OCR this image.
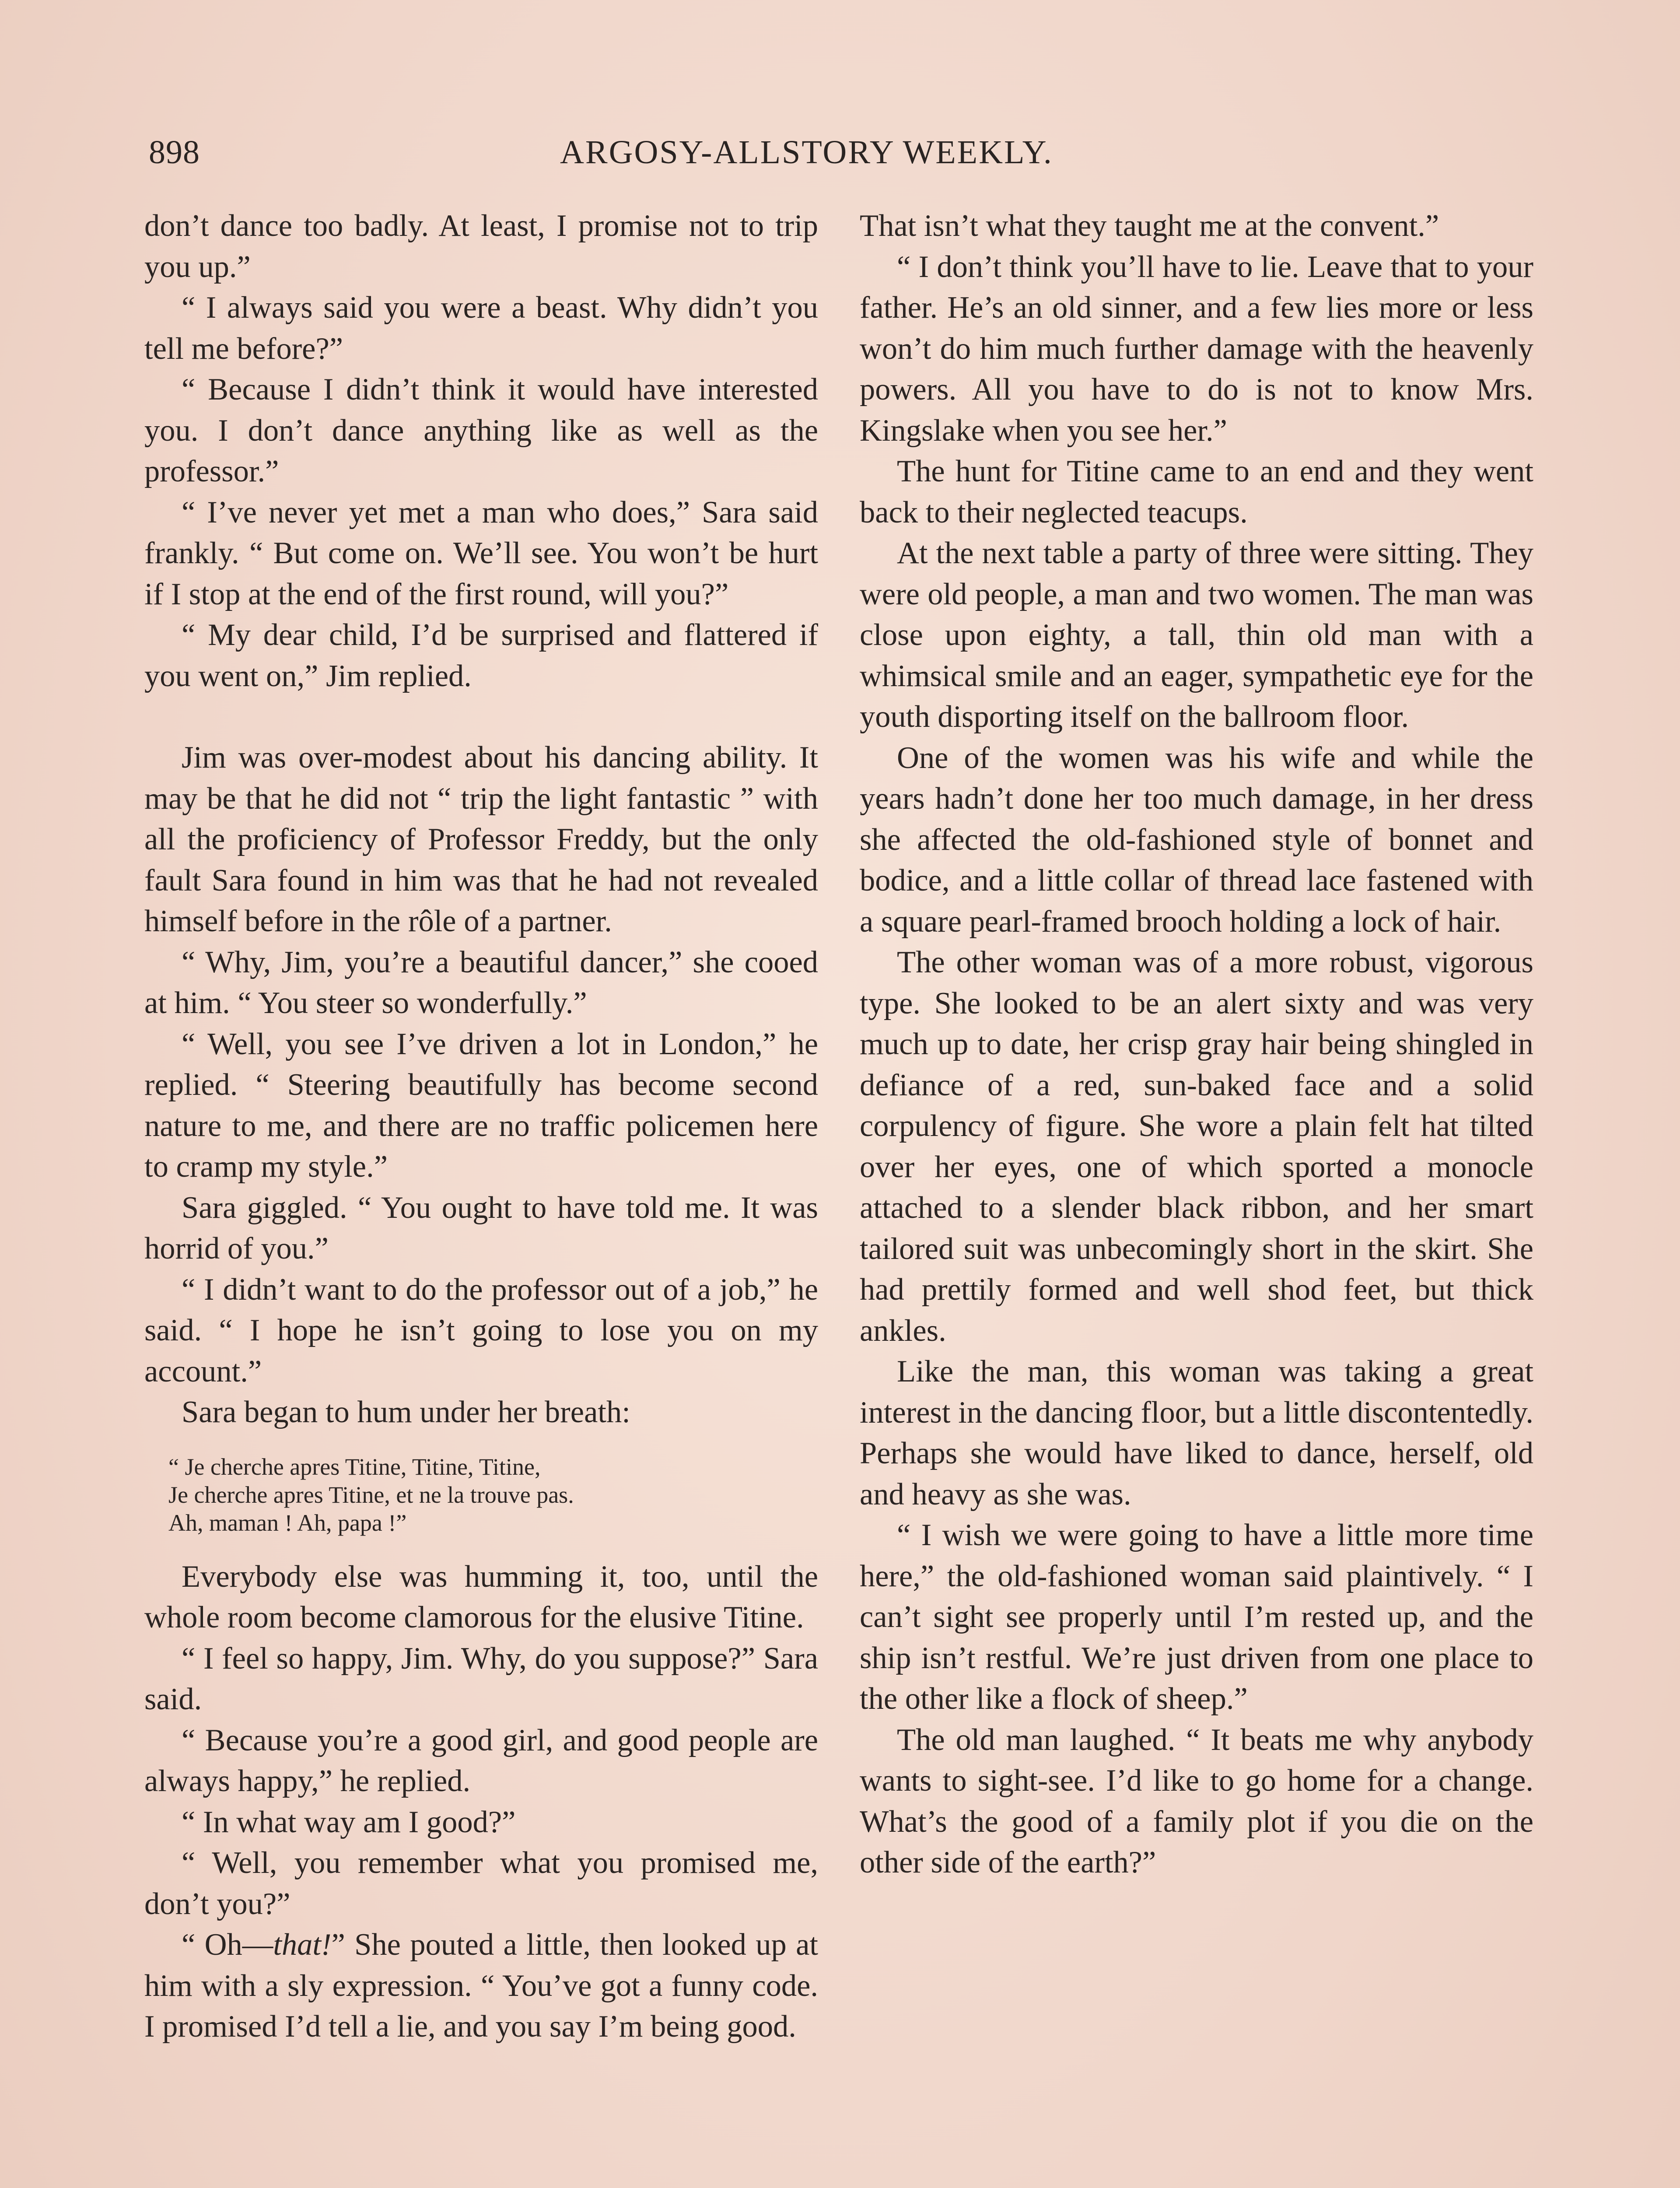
898	ARGOSY-ALLSTORY WEEKLY.

don’t dance too badly. At least, I promise not to trip you up.”

“ I always said you were a beast. Why didn’t you tell me before?”

“ Because I didn’t think it would have interested you. I don’t dance anything like as well as the professor.”

“ I’ve never yet met a man who does,” Sara said frankly. “ But come on. We’ll see. You won’t be hurt if I stop at the end of the first round, will you?”

“ My dear child, I’d be surprised and flattered if you went on,” Jim replied.

Jim was over-modest about his dancing ability. It may be that he did not “ trip the light fantastic ” with all the proficiency of Professor Freddy, but the only fault Sara found in him was that he had not revealed himself before in the rôle of a partner.

“ Why, Jim, you’re a beautiful dancer,” she cooed at him. “ You steer so wonderfully.”

“ Well, you see I’ve driven a lot in London,” he replied. “ Steering beautifully has become second nature to me, and there are no traffic policemen here to cramp my style.”

Sara giggled. “ You ought to have told me. It was horrid of you.”

“ I didn’t want to do the professor out of a job,” he said. “ I hope he isn’t going to lose you on my account.”

Sara began to hum under her breath:

“ Je cherche apres Titine, Titine, Titine,
Je cherche apres Titine, et ne la trouve pas.
Ah, maman ! Ah, papa !”

Everybody else was humming it, too, until the whole room become clamorous for the elusive Titine.

“ I feel so happy, Jim. Why, do you suppose?” Sara said.

“ Because you’re a good girl, and good people are always happy,” he replied.

“ In what way am I good?”

“ Well, you remember what you promised me, don’t you?”

“ Oh—that!” She pouted a little, then looked up at him with a sly expression. “ You’ve got a funny code. I promised I’d tell a lie, and you say I’m being good.

That isn’t what they taught me at the convent.”

“ I don’t think you’ll have to lie. Leave that to your father. He’s an old sinner, and a few lies more or less won’t do him much further damage with the heavenly powers. All you have to do is not to know Mrs. Kingslake when you see her.”

The hunt for Titine came to an end and they went back to their neglected teacups.

At the next table a party of three were sitting. They were old people, a man and two women. The man was close upon eighty, a tall, thin old man with a whimsical smile and an eager, sympathetic eye for the youth disporting itself on the ballroom floor.

One of the women was his wife and while the years hadn’t done her too much damage, in her dress she affected the old-fashioned style of bonnet and bodice, and a little collar of thread lace fastened with a square pearl-framed brooch holding a lock of hair.

The other woman was of a more robust, vigorous type. She looked to be an alert sixty and was very much up to date, her crisp gray hair being shingled in defiance of a red, sun-baked face and a solid corpulency of figure. She wore a plain felt hat tilted over her eyes, one of which sported a monocle attached to a slender black ribbon, and her smart tailored suit was unbecomingly short in the skirt. She had prettily formed and well shod feet, but thick ankles.

Like the man, this woman was taking a great interest in the dancing floor, but a little discontentedly. Perhaps she would have liked to dance, herself, old and heavy as she was.

“ I wish we were going to have a little more time here,” the old-fashioned woman said plaintively. “ I can’t sight see properly until I’m rested up, and the ship isn’t restful. We’re just driven from one place to the other like a flock of sheep.”

The old man laughed. “ It beats me why anybody wants to sight-see. I’d like to go home for a change. What’s the good of a family plot if you die on the other side of the earth?”
